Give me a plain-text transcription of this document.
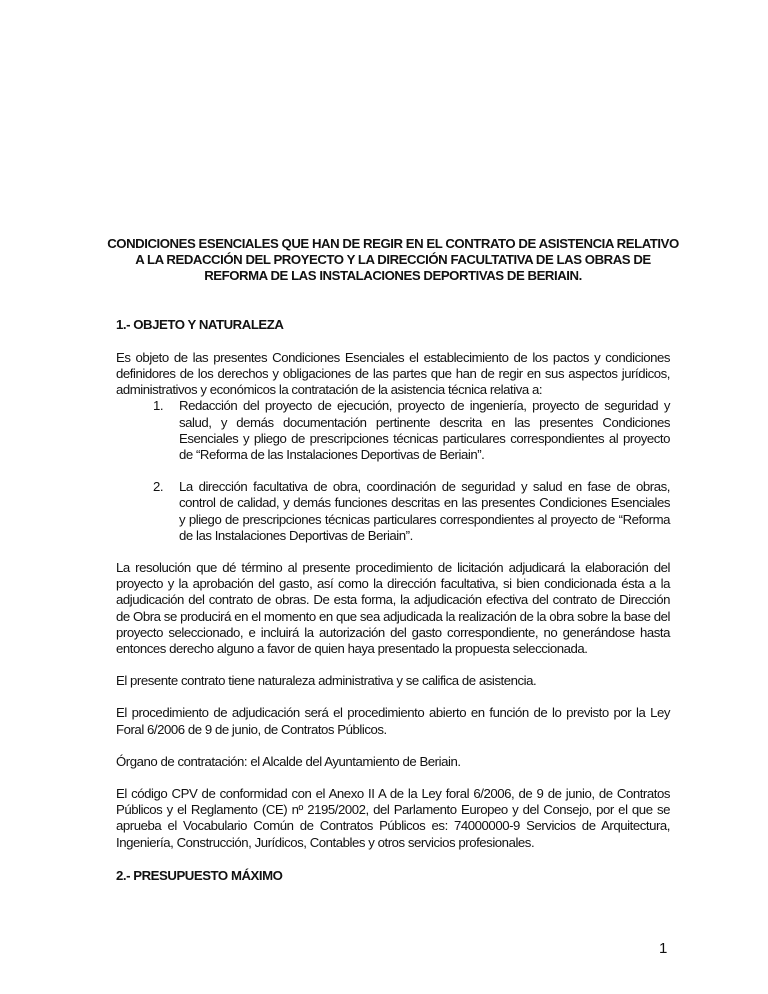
CONDICIONES ESENCIALES QUE HAN DE REGIR EN EL CONTRATO DE ASISTENCIA RELATIVO A LA REDACCIÓN DEL PROYECTO Y LA DIRECCIÓN FACULTATIVA DE LAS OBRAS DE REFORMA DE LAS INSTALACIONES DEPORTIVAS DE BERIAIN.
1.- OBJETO Y NATURALEZA

Es objeto de las presentes Condiciones Esenciales el establecimiento de los pactos y condiciones definidores de los derechos y obligaciones de las partes que han de regir en sus aspectos jurídicos, administrativos y económicos la contratación de la asistencia técnica relativa a:

1. Redacción del proyecto de ejecución, proyecto de ingeniería, proyecto de seguridad y salud, y demás documentación pertinente descrita en las presentes Condiciones Esenciales y pliego de prescripciones técnicas particulares correspondientes al proyecto de “Reforma de las Instalaciones Deportivas de Beriain”.
2. La dirección facultativa de obra, coordinación de seguridad y salud en fase de obras, control de calidad, y demás funciones descritas en las presentes Condiciones Esenciales y pliego de prescripciones técnicas particulares correspondientes al proyecto de “Reforma de las Instalaciones Deportivas de Beriain”.

La resolución que dé término al presente procedimiento de licitación adjudicará la elaboración del proyecto y la aprobación del gasto, así como la dirección facultativa, si bien condicionada ésta a la adjudicación del contrato de obras. De esta forma, la adjudicación efectiva del contrato de Dirección de Obra se producirá en el momento en que sea adjudicada la realización de la obra sobre la base del proyecto seleccionado, e incluirá la autorización del gasto correspondiente, no generándose hasta entonces derecho alguno a favor de quien haya presentado la propuesta seleccionada.

El presente contrato tiene naturaleza administrativa y se califica de asistencia.

El procedimiento de adjudicación será el procedimiento abierto en función de lo previsto por la Ley Foral 6/2006 de 9 de junio, de Contratos Públicos.

Órgano de contratación: el Alcalde del Ayuntamiento de Beriain.

El código CPV de conformidad con el Anexo II A de la Ley foral 6/2006, de 9 de junio, de Contratos Públicos y el Reglamento (CE) nº 2195/2002, del Parlamento Europeo y del Consejo, por el que se aprueba el Vocabulario Común de Contratos Públicos es: 74000000-9 Servicios de Arquitectura, Ingeniería, Construcción, Jurídicos, Contables y otros servicios profesionales.

2.- PRESUPUESTO MÁXIMO
1
